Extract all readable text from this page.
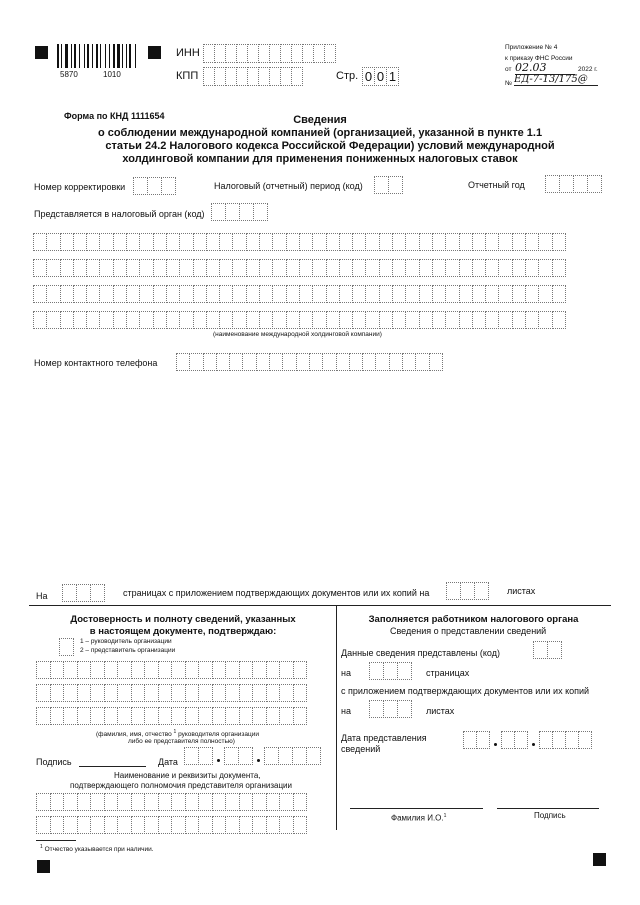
5870	1010
ИНН
КПП	Стр. 0 0 1
Приложение № 4
к приказу ФНС России
от 02.03	2022 г.
№ ЕД-7-13/175@
Форма по КНД 1111654	Сведения
о соблюдении международной компанией (организацией, указанной в пункте 1.1
статьи 24.2 Налогового кодекса Российской Федерации) условий международной
холдинговой компании для применения пониженных налоговых ставок
Номер корректировки	Налоговый (отчетный) период (код)	Отчетный год
Представляется в налоговый орган (код)
(наименование международной холдинговой компании)
Номер контактного телефона
На	страницах с приложением подтверждающих документов или их копий на	листах
Достоверность и полноту сведений, указанных
в настоящем документе, подтверждаю:
1 – руководитель организации
2 – представитель организации
(фамилия, имя, отчество $^1$ руководителя организации
либо ее представителя полностью)
Подпись	Дата
Наименование и реквизиты документа,
подтверждающего полномочия представителя организации
Заполняется работником налогового органа
Сведения о представлении сведений
Данные сведения представлены (код)
на	страницах
с приложением подтверждающих документов или их копий
на	листах
Дата представления
сведений
Фамилия И.О.$^1$	Подпись
$^1$ Отчество указывается при наличии.
